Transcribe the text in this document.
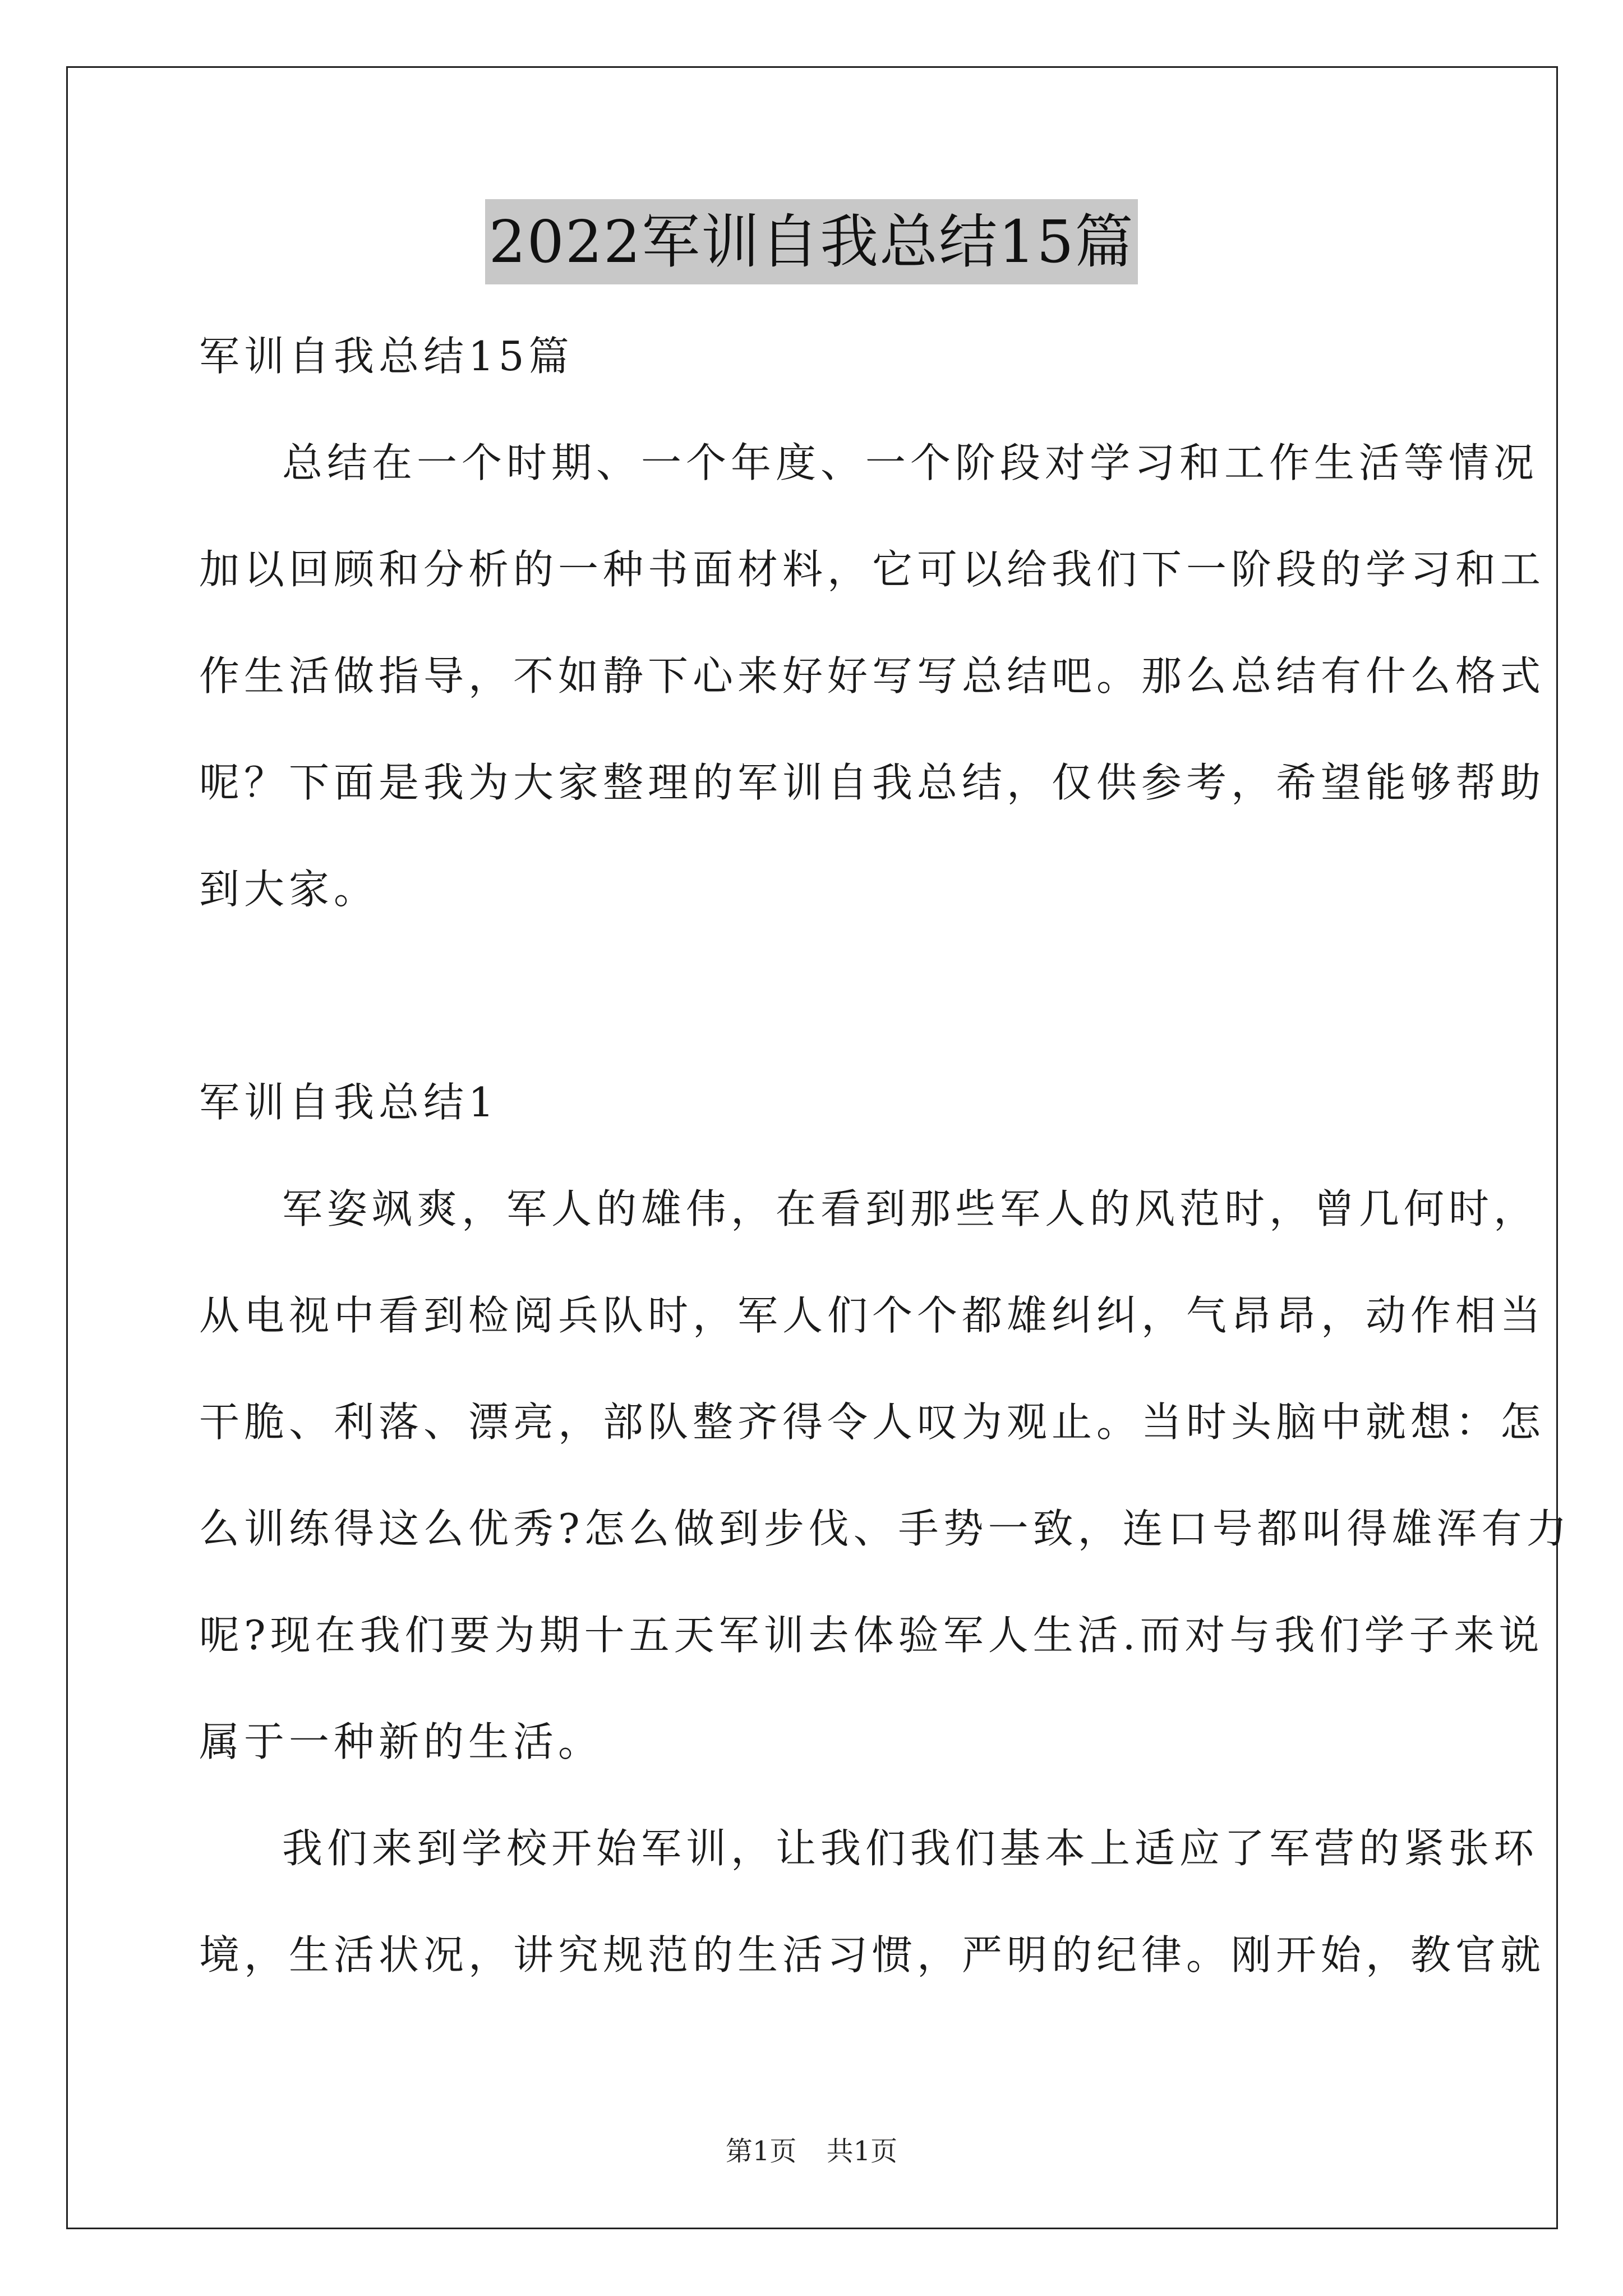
2022军训自我总结15篇
军训自我总结15篇
总结在一个时期、一个年度、一个阶段对学习和工作生活等情况
加以回顾和分析的一种书面材料，它可以给我们下一阶段的学习和工
作生活做指导，不如静下心来好好写写总结吧。那么总结有什么格式
呢？下面是我为大家整理的军训自我总结，仅供参考，希望能够帮助
到大家。
军训自我总结1
军姿飒爽，军人的雄伟，在看到那些军人的风范时，曾几何时，
从电视中看到检阅兵队时，军人们个个都雄纠纠，气昂昂，动作相当
干脆、利落、漂亮，部队整齐得令人叹为观止。当时头脑中就想：怎
么训练得这么优秀?怎么做到步伐、手势一致，连口号都叫得雄浑有力
呢?现在我们要为期十五天军训去体验军人生活.而对与我们学子来说
属于一种新的生活。
我们来到学校开始军训，让我们我们基本上适应了军营的紧张环
境，生活状况，讲究规范的生活习惯，严明的纪律。刚开始，教官就
第1页 共1页
